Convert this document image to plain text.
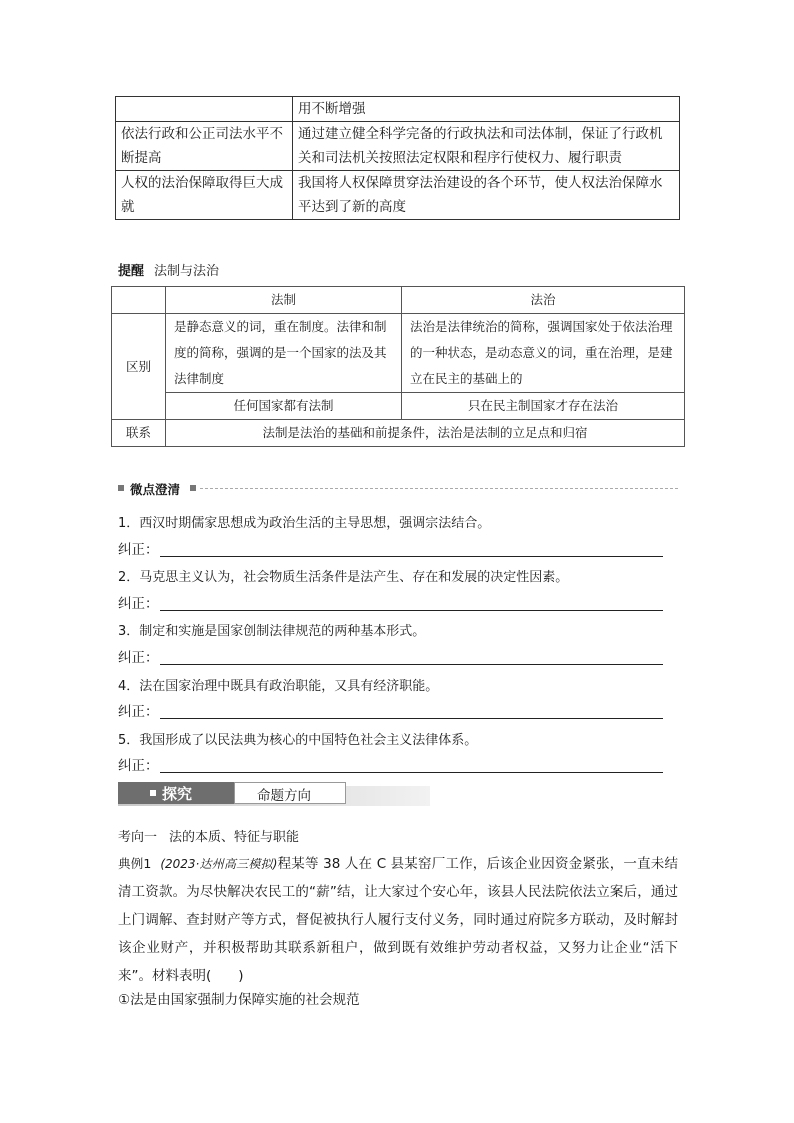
	用不断增强
依法行政和公正司法水平不断提高	通过建立健全科学完备的行政执法和司法体制，保证了行政机关和司法机关按照法定权限和程序行使权力、履行职责
人权的法治保障取得巨大成就	我国将人权保障贯穿法治建设的各个环节，使人权法治保障水平达到了新的高度
提醒 法制与法治
	法制	法治
区别	是静态意义的词，重在制度。法律和制度的简称，强调的是一个国家的法及其法律制度	法治是法律统治的简称，强调国家处于依法治理的一种状态，是动态意义的词，重在治理，是建立在民主的基础上的
	任何国家都有法制	只在民主制国家才存在法治
联系	法制是法治的基础和前提条件，法治是法制的立足点和归宿	
微点澄清
1．西汉时期儒家思想成为政治生活的主导思想，强调宗法结合。
纠正：
2．马克思主义认为，社会物质生活条件是法产生、存在和发展的决定性因素。
纠正：
3．制定和实施是国家创制法律规范的两种基本形式。
纠正：
4．法在国家治理中既具有政治职能，又具有经济职能。
纠正：
5．我国形成了以民法典为核心的中国特色社会主义法律体系。
纠正：
探究	命题方向
考向一 法的本质、特征与职能
典例1 (2023·达州高三模拟)程某等 38 人在 C 县某窑厂工作，后该企业因资金紧张，一直未结清工资款。为尽快解决农民工的“薪”结，让大家过个安心年，该县人民法院依法立案后，通过上门调解、查封财产等方式，督促被执行人履行支付义务，同时通过府院多方联动，及时解封该企业财产，并积极帮助其联系新租户，做到既有效维护劳动者权益，又努力让企业“活下来”。材料表明(　　)
①法是由国家强制力保障实施的社会规范
